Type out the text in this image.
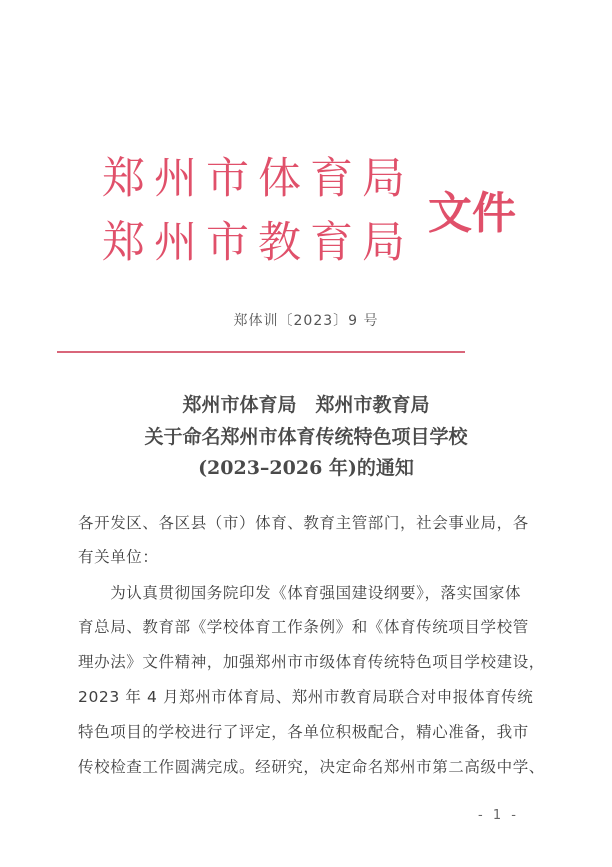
郑州市体育局
郑州市教育局
文件
郑体训〔2023〕9 号
郑州市体育局　郑州市教育局
关于命名郑州市体育传统特色项目学校
(2023–2026 年)的通知
各开发区、各区县（市）体育、教育主管部门，社会事业局，各
有关单位：
　　为认真贯彻国务院印发《体育强国建设纲要》，落实国家体
育总局、教育部《学校体育工作条例》和《体育传统项目学校管
理办法》文件精神，加强郑州市市级体育传统特色项目学校建设，
2023 年 4 月郑州市体育局、郑州市教育局联合对申报体育传统
特色项目的学校进行了评定，各单位积极配合，精心准备，我市
传校检查工作圆满完成。经研究，决定命名郑州市第二高级中学、
- 1 -
